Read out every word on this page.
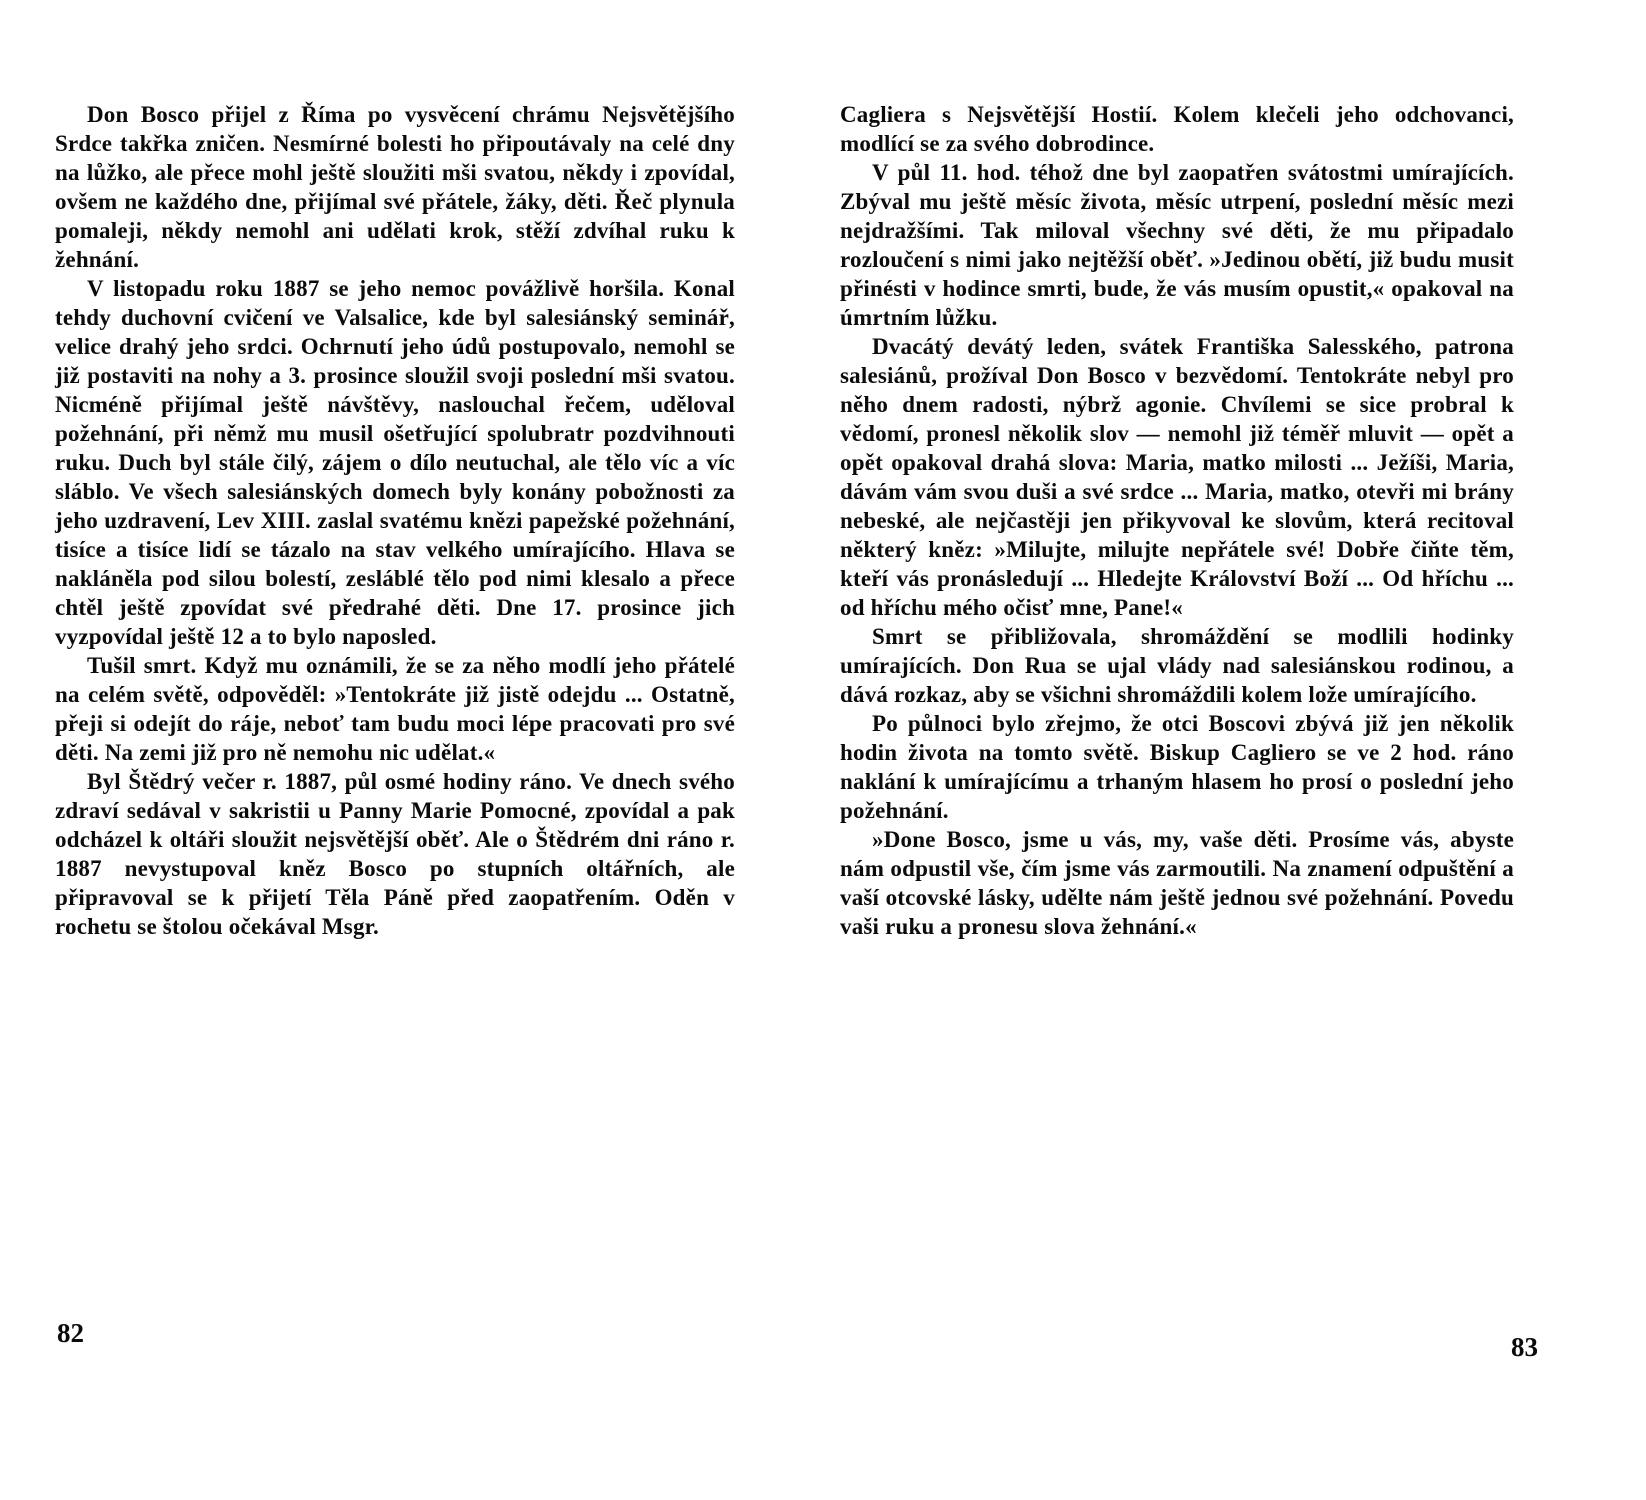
Don Bosco přijel z Říma po vysvěcení chrámu Nejsvětějšího Srdce takřka zničen. Nesmírné bolesti ho připoutávaly na celé dny na lůžko, ale přece mohl ještě sloužiti mši svatou, někdy i zpovídal, ovšem ne každého dne, přijímal své přátele, žáky, děti. Řeč plynula pomaleji, někdy nemohl ani udělati krok, stěží zdvíhal ruku k žehnání.

V listopadu roku 1887 se jeho nemoc povážlivě horšila. Konal tehdy duchovní cvičení ve Valsalice, kde byl salesiánský seminář, velice drahý jeho srdci. Ochrnutí jeho údů postupovalo, nemohl se již postaviti na nohy a 3. prosince sloužil svoji poslední mši svatou. Nicméně přijímal ještě návštěvy, naslouchal řečem, uděloval požehnání, při němž mu musil ošetřující spolubratr pozdvihnouti ruku. Duch byl stále čilý, zájem o dílo neutuchal, ale tělo víc a víc sláblo. Ve všech salesiánských domech byly konány pobožnosti za jeho uzdravení, Lev XIII. zaslal svatému knězi papežské požehnání, tisíce a tisíce lidí se tázalo na stav velkého umírajícího. Hlava se nakláněla pod silou bolestí, zesláblé tělo pod nimi klesalo a přece chtěl ještě zpovídat své předrahé děti. Dne 17. prosince jich vyzpovídal ještě 12 a to bylo naposled.

Tušil smrt. Když mu oznámili, že se za něho modlí jeho přátelé na celém světě, odpověděl: »Tentokráte již jistě odejdu ... Ostatně, přeji si odejít do ráje, neboť tam budu moci lépe pracovati pro své děti. Na zemi již pro ně nemohu nic udělat.«

Byl Štědrý večer r. 1887, půl osmé hodiny ráno. Ve dnech svého zdraví sedával v sakristii u Panny Marie Pomocné, zpovídal a pak odcházel k oltáři sloužit nejsvětější oběť. Ale o Štědrém dni ráno r. 1887 nevystupoval kněz Bosco po stupních oltářních, ale připravoval se k přijetí Těla Páně před zaopatřením. Oděn v rochetu se štolou očekával Msgr.

Cagliera s Nejsvětější Hostií. Kolem klečeli jeho odchovanci, modlící se za svého dobrodince.

V půl 11. hod. téhož dne byl zaopatřen svátostmi umírajících. Zbýval mu ještě měsíc života, měsíc utrpení, poslední měsíc mezi nejdražšími. Tak miloval všechny své děti, že mu připadalo rozloučení s nimi jako nejtěžší oběť. »Jedinou obětí, již budu musit přinésti v hodince smrti, bude, že vás musím opustit,« opakoval na úmrtním lůžku.

Dvacátý devátý leden, svátek Františka Salesského, patrona salesiánů, prožíval Don Bosco v bezvědomí. Tentokráte nebyl pro něho dnem radosti, nýbrž agonie. Chvílemi se sice probral k vědomí, pronesl několik slov — nemohl již téměř mluvit — opět a opět opakoval drahá slova: Maria, matko milosti ... Ježíši, Maria, dávám vám svou duši a své srdce ... Maria, matko, otevři mi brány nebeské, ale nejčastěji jen přikyvoval ke slovům, která recitoval některý kněz: »Milujte, milujte nepřátele své! Dobře čiňte těm, kteří vás pronásledují ... Hledejte Království Boží ... Od hříchu ... od hříchu mého očisť mne, Pane!«

Smrt se přibližovala, shromáždění se modlili hodinky umírajících. Don Rua se ujal vlády nad salesiánskou rodinou, a dává rozkaz, aby se všichni shromáždili kolem lože umírajícího.

Po půlnoci bylo zřejmo, že otci Boscovi zbývá již jen několik hodin života na tomto světě. Biskup Cagliero se ve 2 hod. ráno naklání k umírajícímu a trhaným hlasem ho prosí o poslední jeho požehnání.

»Done Bosco, jsme u vás, my, vaše děti. Prosíme vás, abyste nám odpustil vše, čím jsme vás zarmoutili. Na znamení odpuštění a vaší otcovské lásky, udělte nám ještě jednou své požehnání. Povedu vaši ruku a pronesu slova žehnání.«

82	83
